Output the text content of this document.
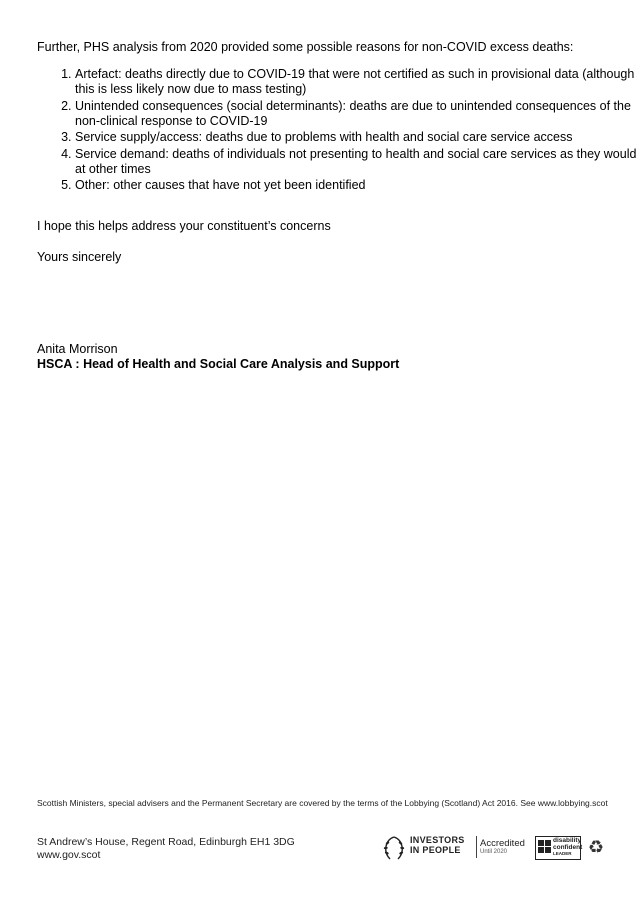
Further, PHS analysis from 2020 provided some possible reasons for non-COVID excess deaths:
1. Artefact: deaths directly due to COVID-19 that were not certified as such in provisional data (although this is less likely now due to mass testing)
2. Unintended consequences (social determinants): deaths are due to unintended consequences of the non-clinical response to COVID-19
3. Service supply/access: deaths due to problems with health and social care service access
4. Service demand: deaths of individuals not presenting to health and social care services as they would at other times
5. Other: other causes that have not yet been identified
I hope this helps address your constituent’s concerns
Yours sincerely
Anita Morrison
HSCA : Head of Health and Social Care Analysis and Support
Scottish Ministers, special advisers and the Permanent Secretary are covered by the terms of the Lobbying (Scotland) Act 2016. See www.lobbying.scot
St Andrew’s House, Regent Road, Edinburgh EH1 3DG
www.gov.scot
INVESTORS
IN PEOPLE
Accredited
Until 2020
disability
confident
LEADER ♻
